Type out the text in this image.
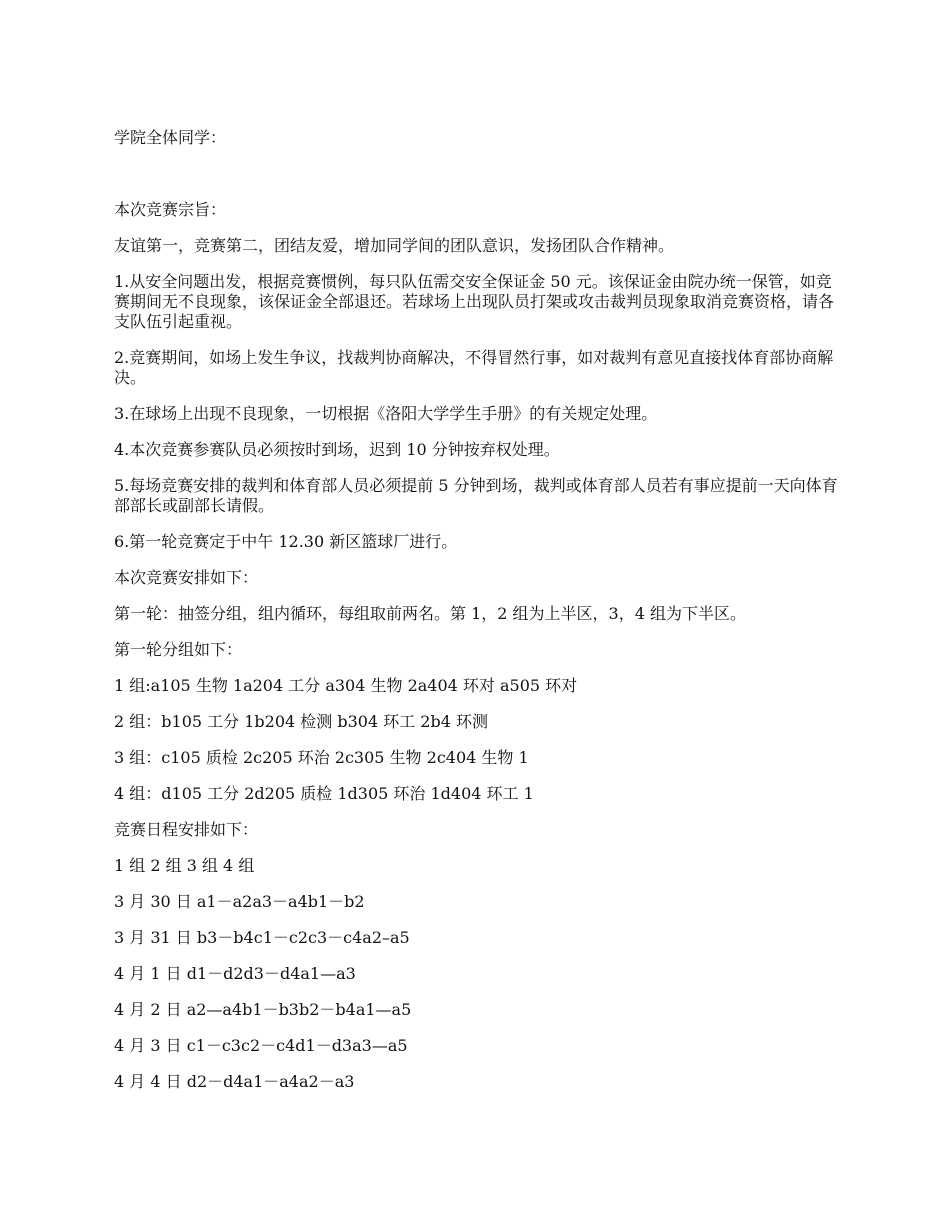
学院全体同学：

本次竞赛宗旨：

友谊第一，竞赛第二，团结友爱，增加同学间的团队意识，发扬团队合作精神。

1.从安全问题出发，根据竞赛惯例，每只队伍需交安全保证金 50 元。该保证金由院办统一保管，如竞赛期间无不良现象，该保证金全部退还。若球场上出现队员打架或攻击裁判员现象取消竞赛资格，请各支队伍引起重视。

2.竞赛期间，如场上发生争议，找裁判协商解决，不得冒然行事，如对裁判有意见直接找体育部协商解决。

3.在球场上出现不良现象，一切根据《洛阳大学学生手册》的有关规定处理。

4.本次竞赛参赛队员必须按时到场，迟到 10 分钟按弃权处理。

5.每场竞赛安排的裁判和体育部人员必须提前 5 分钟到场，裁判或体育部人员若有事应提前一天向体育部部长或副部长请假。

6.第一轮竞赛定于中午 12.30 新区篮球厂进行。

本次竞赛安排如下：

第一轮：抽签分组，组内循环，每组取前两名。第 1，2 组为上半区，3，4 组为下半区。

第一轮分组如下：

1 组:a105 生物 1a204 工分 a304 生物 2a404 环对 a505 环对

2 组：b105 工分 1b204 检测 b304 环工 2b4 环测

3 组：c105 质检 2c205 环治 2c305 生物 2c404 生物 1

4 组：d105 工分 2d205 质检 1d305 环治 1d404 环工 1

竞赛日程安排如下：

1 组 2 组 3 组 4 组

3 月 30 日 a1－a2a3－a4b1－b2

3 月 31 日 b3－b4c1－c2c3－c4a2–a5

4 月 1 日 d1－d2d3－d4a1—a3

4 月 2 日 a2—a4b1－b3b2－b4a1—a5

4 月 3 日 c1－c3c2－c4d1－d3a3—a5

4 月 4 日 d2－d4a1－a4a2－a3
